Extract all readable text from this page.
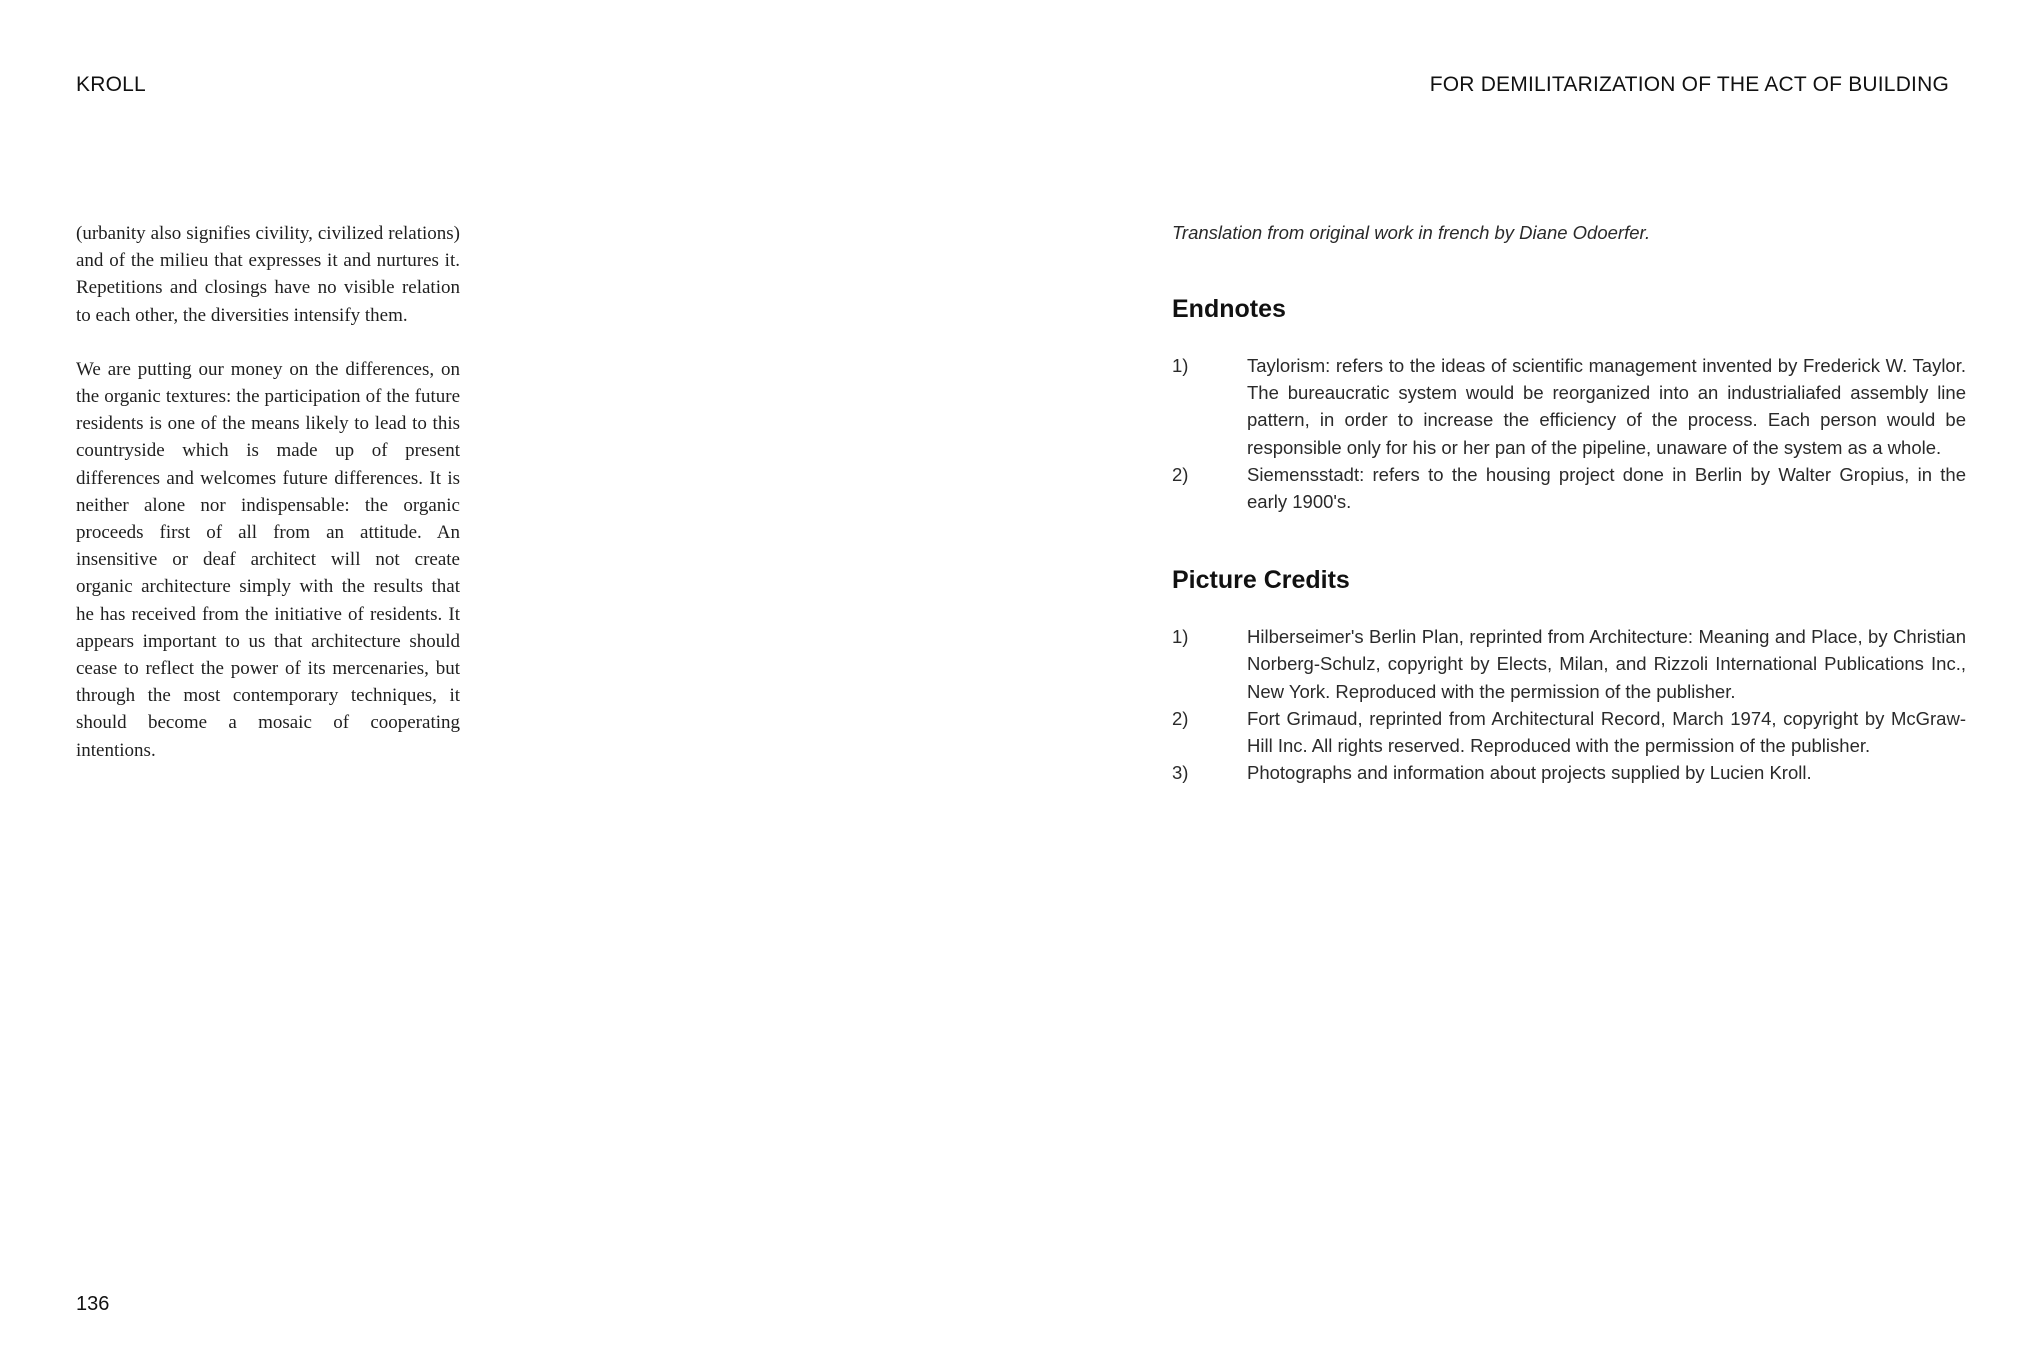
KROLL	FOR DEMILITARIZATION OF THE ACT OF BUILDING

(urbanity also signifies civility, civilized relations) and of the milieu that expresses it and nurtures it. Repetitions and closings have no visible relation to each other, the diversities intensify them.

We are putting our money on the differences, on the organic textures: the participation of the future residents is one of the means likely to lead to this countryside which is made up of present differences and welcomes future differences. It is neither alone nor indispensable: the organic proceeds first of all from an attitude. An insensitive or deaf architect will not create organic architecture simply with the results that he has received from the initiative of residents. It appears important to us that architecture should cease to reflect the power of its mercenaries, but through the most contemporary techniques, it should become a mosaic of cooperating intentions.

Translation from original work in french by Diane Odoerfer.

Endnotes
1)	Taylorism: refers to the ideas of scientific management invented by Frederick W. Taylor. The bureaucratic system would be reorganized into an industrialiafed assembly line pattern, in order to increase the efficiency of the process. Each person would be responsible only for his or her pan of the pipeline, unaware of the system as a whole.
2)	Siemensstadt: refers to the housing project done in Berlin by Walter Gropius, in the early 1900's.
Picture Credits
1)	Hilberseimer's Berlin Plan, reprinted from Architecture: Meaning and Place, by Christian Norberg-Schulz, copyright by Elects, Milan, and Rizzoli International Publications Inc., New York. Reproduced with the permission of the publisher.
2)	Fort Grimaud, reprinted from Architectural Record, March 1974, copyright by McGraw-Hill Inc. All rights reserved. Reproduced with the permission of the publisher.
3)	Photographs and information about projects supplied by Lucien Kroll.
136
